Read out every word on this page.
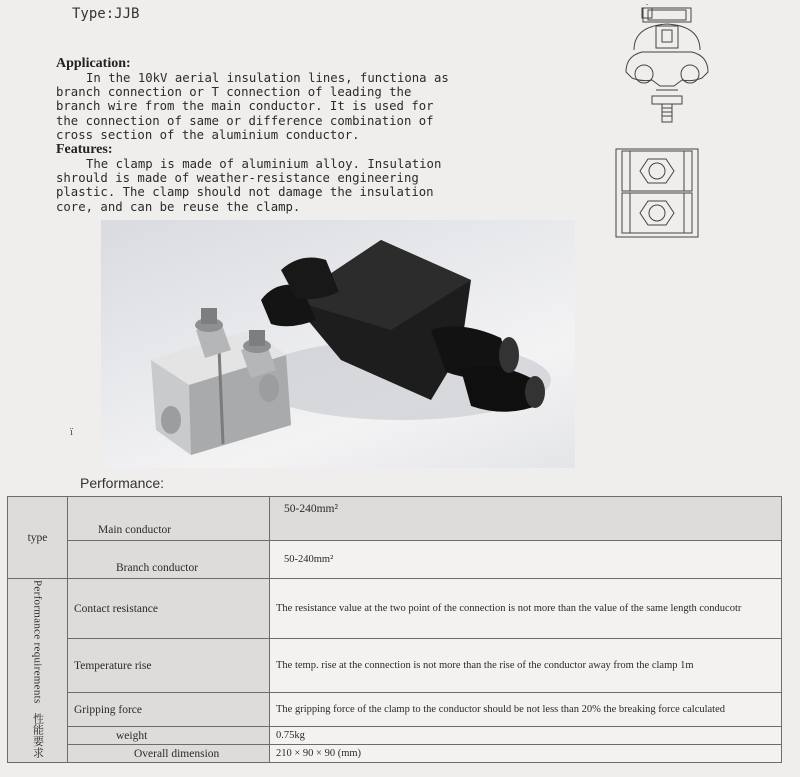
Type:JJB
Application:

In the 10kV aerial insulation lines, functiona as branch connection or T connection of leading the branch wire from the main conductor. It is used for the connection of same or difference combination of cross section of the aluminium conductor.

Features:

The clamp is made of aluminium alloy. Insulation shrould is made of weather-resistance engineering plastic. The clamp should not damage the insulation core, and can be reuse the clamp.

ï
Performance:
type	Main conductor	50-240mm²
	Branch conductor	50-240mm²
Performance requirements   性能要求	Contact resistance	The resistance value at the two point of the connection is not more than the value of the same length conducotr
	Temperature rise	The temp. rise at the connection is not more than the rise of the conductor away from the clamp 1m
	Gripping force	The gripping force of the clamp to the conductor should be not less than 20% the breaking force calculated
	weight	0.75kg
	Overall dimension	210 × 90 × 90 (mm)
